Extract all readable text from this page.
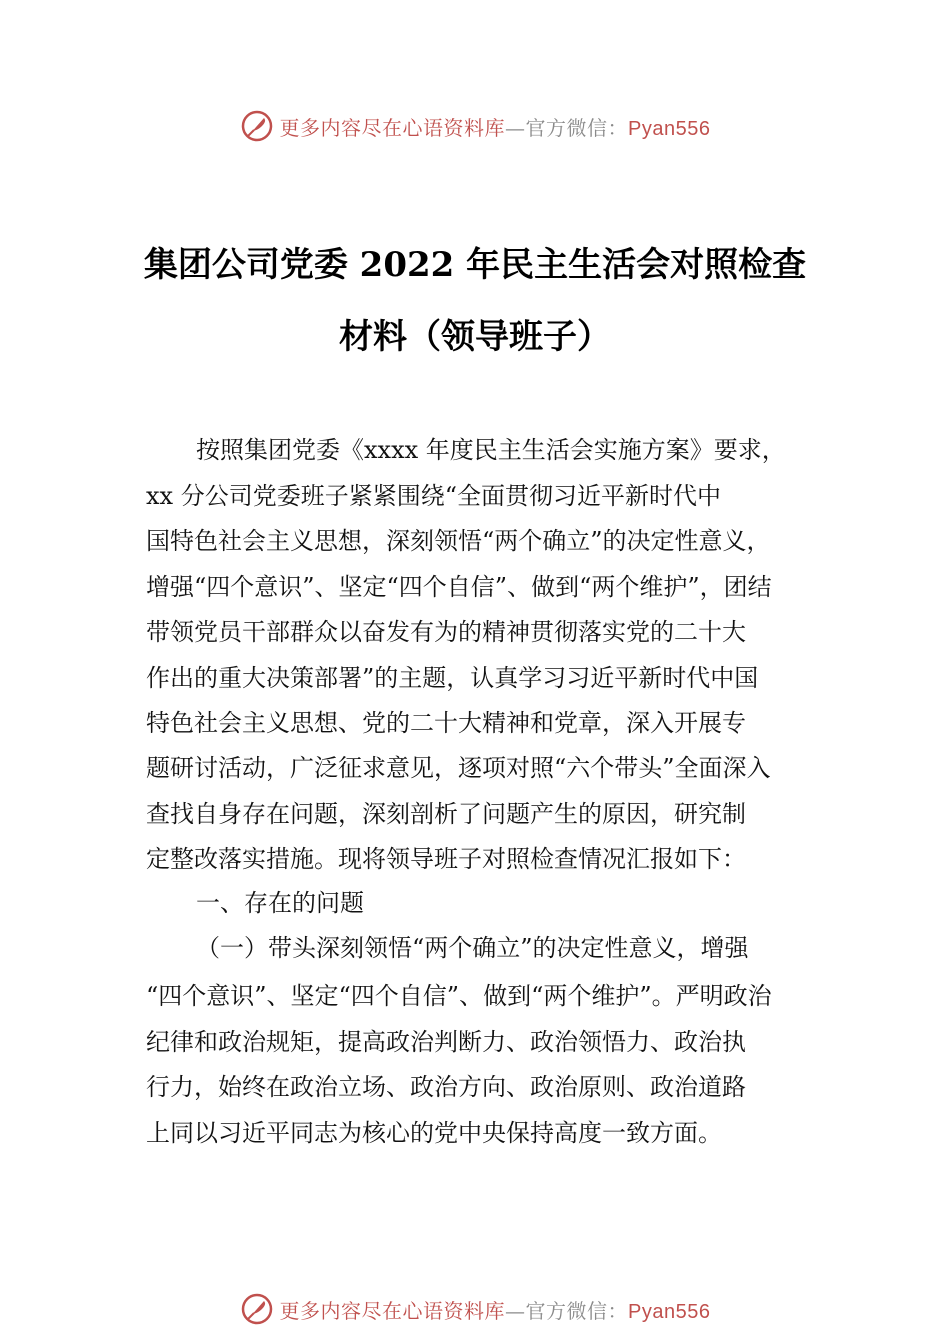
更多内容尽在心语资料库—官方微信：Pyan556
集团公司党委 2022 年民主生活会对照检查
材料（领导班子）
按照集团党委《xxxx 年度民主生活会实施方案》要求，
xx 分公司党委班子紧紧围绕“全面贯彻习近平新时代中
国特色社会主义思想，深刻领悟“两个确立”的决定性意义，
增强“四个意识”、坚定“四个自信”、做到“两个维护”，团结
带领党员干部群众以奋发有为的精神贯彻落实党的二十大
作出的重大决策部署”的主题，认真学习习近平新时代中国
特色社会主义思想、党的二十大精神和党章，深入开展专
题研讨活动，广泛征求意见，逐项对照“六个带头”全面深入
查找自身存在问题，深刻剖析了问题产生的原因，研究制
定整改落实措施。现将领导班子对照检查情况汇报如下：
一、存在的问题
（一）带头深刻领悟“两个确立”的决定性意义，增强
“四个意识”、坚定“四个自信”、做到“两个维护”。严明政治
纪律和政治规矩，提高政治判断力、政治领悟力、政治执
行力，始终在政治立场、政治方向、政治原则、政治道路
上同以习近平同志为核心的党中央保持高度一致方面。
更多内容尽在心语资料库—官方微信：Pyan556
